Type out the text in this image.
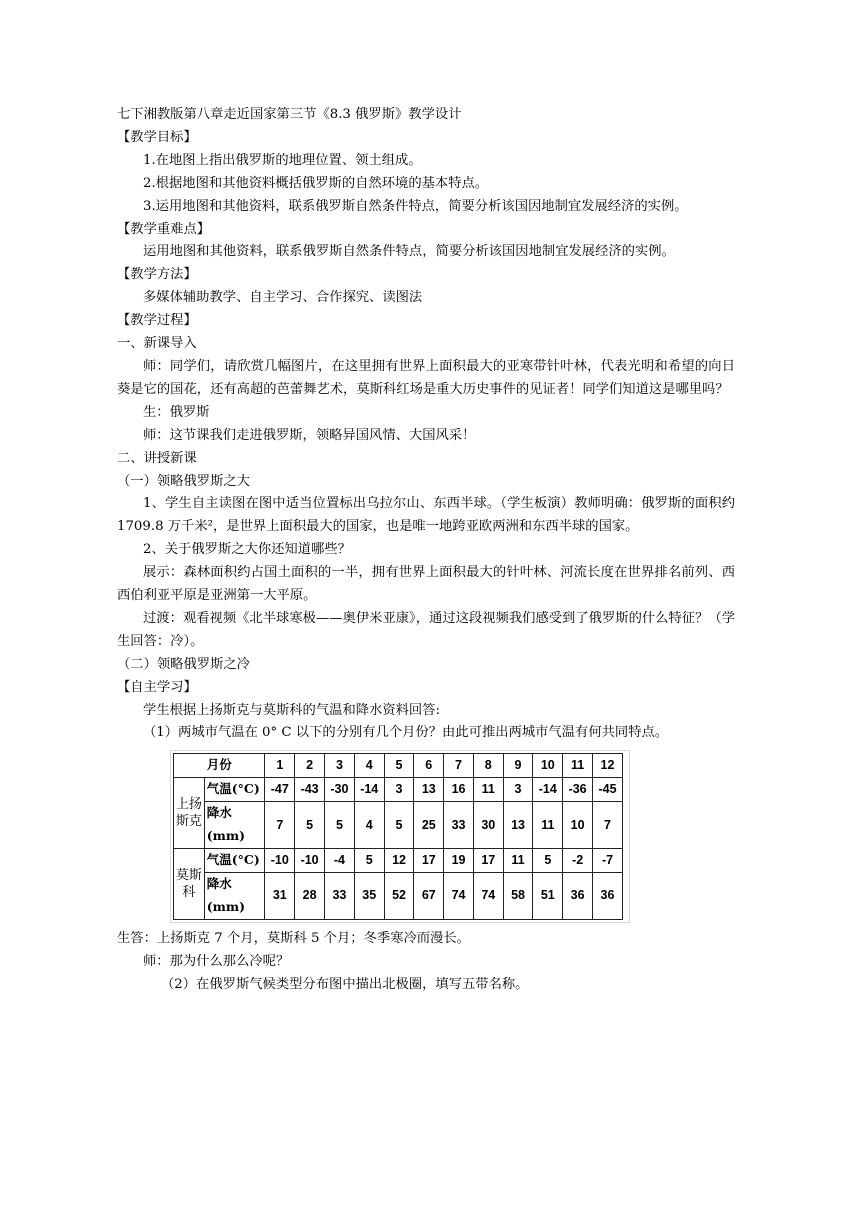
七下湘教版第八章走近国家第三节《8.3 俄罗斯》教学设计
【教学目标】
1.在地图上指出俄罗斯的地理位置、领土组成。
2.根据地图和其他资料概括俄罗斯的自然环境的基本特点。
3.运用地图和其他资料，联系俄罗斯自然条件特点，简要分析该国因地制宜发展经济的实例。
【教学重难点】
运用地图和其他资料，联系俄罗斯自然条件特点，简要分析该国因地制宜发展经济的实例。
【教学方法】
多媒体辅助教学、自主学习、合作探究、读图法
【教学过程】
一、新课导入
师：同学们，请欣赏几幅图片，在这里拥有世界上面积最大的亚寒带针叶林，代表光明和希望的向日葵是它的国花，还有高超的芭蕾舞艺术，莫斯科红场是重大历史事件的见证者！同学们知道这是哪里吗？
生：俄罗斯
师：这节课我们走进俄罗斯，领略异国风情、大国风采！
二、讲授新课
（一）领略俄罗斯之大
1、学生自主读图在图中适当位置标出乌拉尔山、东西半球。（学生板演）教师明确：俄罗斯的面积约 1709.8 万千米²，是世界上面积最大的国家，也是唯一地跨亚欧两洲和东西半球的国家。
2、关于俄罗斯之大你还知道哪些？
展示：森林面积约占国土面积的一半，拥有世界上面积最大的针叶林、河流长度在世界排名前列、西西伯利亚平原是亚洲第一大平原。
过渡：观看视频《北半球寒极——奥伊米亚康》，通过这段视频我们感受到了俄罗斯的什么特征？（学生回答：冷）。
（二）领略俄罗斯之冷
【自主学习】
学生根据上扬斯克与莫斯科的气温和降水资料回答:
（1）两城市气温在 0° C 以下的分别有几个月份？由此可推出两城市气温有何共同特点。
月份		1	2	3	4	5	6	7	8	9	10	11	12
上扬
斯克	气温(°C)	-47	-43	-30	-14	3	13	16	11	3	-14	-36	-45
	降水(mm)	7	5	5	4	5	25	33	30	13	11	10	7
莫斯
科	气温(°C)	-10	-10	-4	5	12	17	19	17	11	5	-2	-7
	降水(mm)	31	28	33	35	52	67	74	74	58	51	36	36
生答：上扬斯克 7 个月，莫斯科 5 个月；冬季寒冷而漫长。
师：那为什么那么冷呢？
（2）在俄罗斯气候类型分布图中描出北极圈，填写五带名称。
